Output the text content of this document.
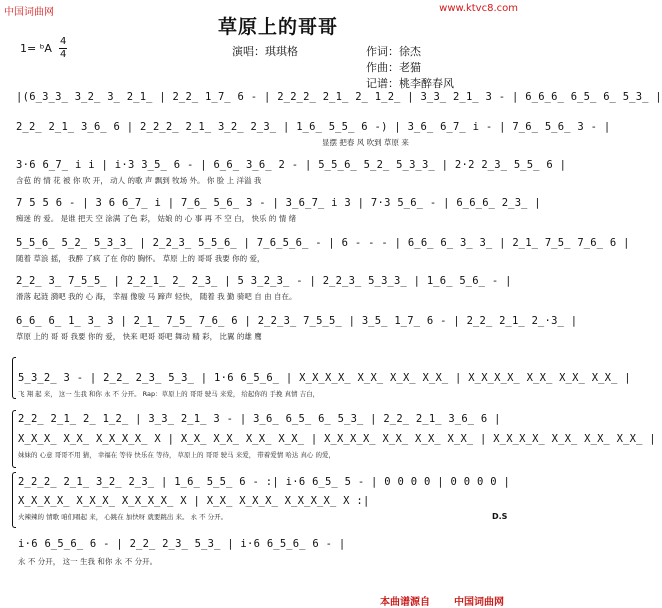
中国词曲网	www.ktvc8.com
草原上的哥哥
1= ᵇA
4
4	演唱：琪琪格	作词：徐杰
作曲：老猫
记谱：桃李醉春风
|(6̲3̲3̲ 3̲2̲ 3̲ 2̲1̲ | 2̲2̲ 1̲7̲ 6 - | 2̲2̲2̲ 2̲1̲ 2̲ 1̲2̲ | 3̲3̲ 2̲1̲ 3 - | 6̲6̲6̲ 6̲5̲ 6̲ 5̲3̲ |
2̲2̲ 2̲1̲ 3̲6̲ 6 | 2̲2̲2̲ 2̲1̲ 3̲2̲ 2̲3̲ | 1̲6̲ 5̲5̲ 6 -) | 3̲6̲ 6̲7̲ i - | 7̲6̲ 5̲6̲ 3 - |
显摆 把春 风 吹到 草原 来
3·6 6̲7̲ i i | i·3 3̲5̲ 6 - | 6̲6̲ 3̲6̲ 2 - | 5̲5̲6̲ 5̲2̲ 5̲3̲3̲ | 2·2 2̲3̲ 5̲5̲ 6 |
含苞 的 情 花 被 你 吹 开， 动人 的歌 声 飘到 牧场 外。 你 脸 上 洋溢 我
7 5 5 6 - | 3 6 6̲7̲ i | 7̲6̲ 5̲6̲ 3 - | 3̲6̲7̲ i 3 | 7·3 5̲6̲ - | 6̲6̲6̲ 2̲3̲ |
痴迷 的 爱。 是谁 把天 空 涂满 了色 彩， 姑娘 的 心 事 再 不 空 白， 快乐 的 情 绪
5̲5̲6̲ 5̲2̲ 5̲3̲3̲ | 2̲2̲3̲ 5̲5̲6̲ | 7̲6̲5̲6̲ - | 6 - - - | 6̲6̲ 6̲ 3̲ 3̲ | 2̲1̲ 7̲5̲ 7̲6̲ 6 |
随着 草浪 摇， 我醉 了疯 了在 你的 胸怀。 草原 上的 哥哥 我要 你的 爱，
2̲2̲ 3̲ 7̲5̲5̲ | 2̲2̲1̲ 2̲ 2̲3̲ | 5 3̲2̲3̲ - | 2̲2̲3̲ 5̲3̲3̲ | 1̲6̲ 5̲6̲ - |
滑落 起涟 漪吧 我的 心 海， 幸福 像骏 马 蹄声 轻快， 随着 我 勤 骑吧 自 由 自在。
6̲6̲ 6̲ 1̲ 3̲ 3 | 2̲1̲ 7̲5̲ 7̲6̲ 6 | 2̲2̲3̲ 7̲5̲5̲ | 3̲5̲ 1̲7̲ 6 - | 2̲2̲ 2̲1̲ 2̲·3̲ |
草原 上的 哥 哥 我要 你的 爱， 快来 吧哥 哥吧 舞动 精 彩， 比翼 的雄 鹰
5̲3̲2̲ 3 - | 2̲2̲ 2̲3̲ 5̲3̲ | 1·6 6̲5̲6̲ | X̲X̲X̲X̲ X̲X̲ X̲X̲ X̲X̲ | X̲X̲X̲X̲ X̲X̲ X̲X̲ X̲X̲ |
飞 翔 起 来， 这一 生我 和你 永 不 分开。 Rap：草原上的 哥哥 驶马 来爱， 给起你的 手挽 真情 吉白，
2̲2̲ 2̲1̲ 2̲ 1̲2̲ | 3̲3̲ 2̲1̲ 3 - | 3̲6̲ 6̲5̲ 6̲ 5̲3̲ | 2̲2̲ 2̲1̲ 3̲6̲ 6 |
X̲X̲X̲ X̲X̲ X̲X̲X̲X̲ X | X̲X̲ X̲X̲ X̲X̲ X̲X̲ | X̲X̲X̲X̲ X̲X̲ X̲X̲ X̲X̲ | X̲X̲X̲X̲ X̲X̲ X̲X̲ X̲X̲ |
妹妹的 心意 哥哥不用 猜， 幸福在 等待 快乐在 等待， 草原上的 哥哥 驶马 来爱， 带着爱情 哈达 真心 的爱，
2̲2̲2̲ 2̲1̲ 3̲2̲ 2̲3̲ | 1̲6̲ 5̲5̲ 6 - :| i·6 6̲5̲ 5 - | 0 0 0 0 | 0 0 0 0 |
X̲X̲X̲X̲ X̲X̲X̲ X̲X̲X̲X̲ X | X̲X̲ X̲X̲X̲ X̲X̲X̲X̲ X :|
火辣辣的 情歌 咱们唱起 来， 心跳在 加快呀 就要跳出 来。 永 不 分开。	D.S
i·6 6̲5̲6̲ 6 - | 2̲2̲ 2̲3̲ 5̲3̲ | i·6 6̲5̲6̲ 6 - |
永 不 分开， 这一 生我 和你 永 不 分开。
本曲谱源自 中国词曲网
